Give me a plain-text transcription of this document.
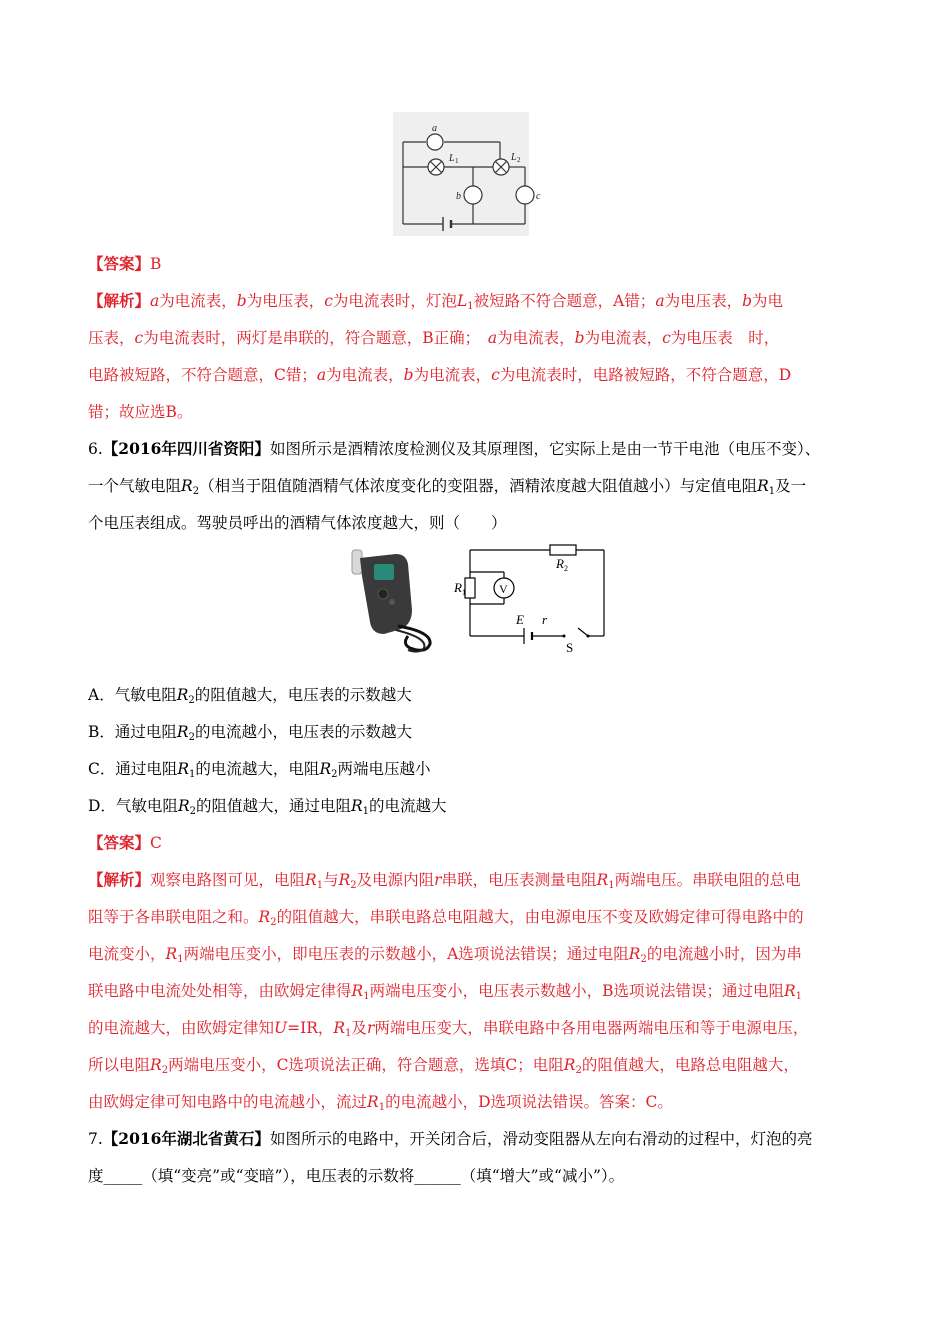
a
L 1	L 2
b	c
【答案】B
【解析】a为电流表，b为电压表，c为电流表时，灯泡$L_1$被短路不符合题意，A错；a为电压表，b为电
压表，c为电流表时，两灯是串联的，符合题意，B正确；　a为电流表，b为电流表，c为电压表　时，
电路被短路，不符合题意，C错；a为电流表，b为电流表，c为电流表时，电路被短路，不符合题意，D
错；故应选B。
6.【2016年四川省资阳】如图所示是酒精浓度检测仪及其原理图，它实际上是由一节干电池（电压不变）、
一个气敏电阻$R_2$（相当于阻值随酒精气体浓度变化的变阻器，酒精浓度越大阻值越小）与定值电阻$R_1$及一
个电压表组成。驾驶员呼出的酒精气体浓度越大，则（　　）
R 1
R 2
V
E r
S
A．气敏电阻$R_2$的阻值越大，电压表的示数越大
B．通过电阻$R_2$的电流越小，电压表的示数越大
C．通过电阻$R_1$的电流越大，电阻$R_2$两端电压越小
D．气敏电阻$R_2$的阻值越大，通过电阻$R_1$的电流越大
【答案】C
【解析】观察电路图可见，电阻$R_1$与$R_2$及电源内阻r串联，电压表测量电阻$R_1$两端电压。串联电阻的总电
阻等于各串联电阻之和。$R_2$的阻值越大，串联电路总电阻越大，由电源电压不变及欧姆定律可得电路中的
电流变小，$R_1$两端电压变小，即电压表的示数越小，A选项说法错误；通过电阻$R_2$的电流越小时，因为串
联电路中电流处处相等，由欧姆定律得$R_1$两端电压变小，电压表示数越小，B选项说法错误；通过电阻$R_1$
的电流越大，由欧姆定律知U=IR，$R_1$及r两端电压变大，串联电路中各用电器两端电压和等于电源电压，
所以电阻$R_2$两端电压变小，C选项说法正确，符合题意，选填C；电阻$R_2$的阻值越大，电路总电阻越大，
由欧姆定律可知电路中的电流越小，流过$R_1$的电流越小，D选项说法错误。答案：C。
7.【2016年湖北省黄石】如图所示的电路中，开关闭合后，滑动变阻器从左向右滑动的过程中，灯泡的亮
度_____（填“变亮”或“变暗”），电压表的示数将______（填“增大”或“减小”）。
